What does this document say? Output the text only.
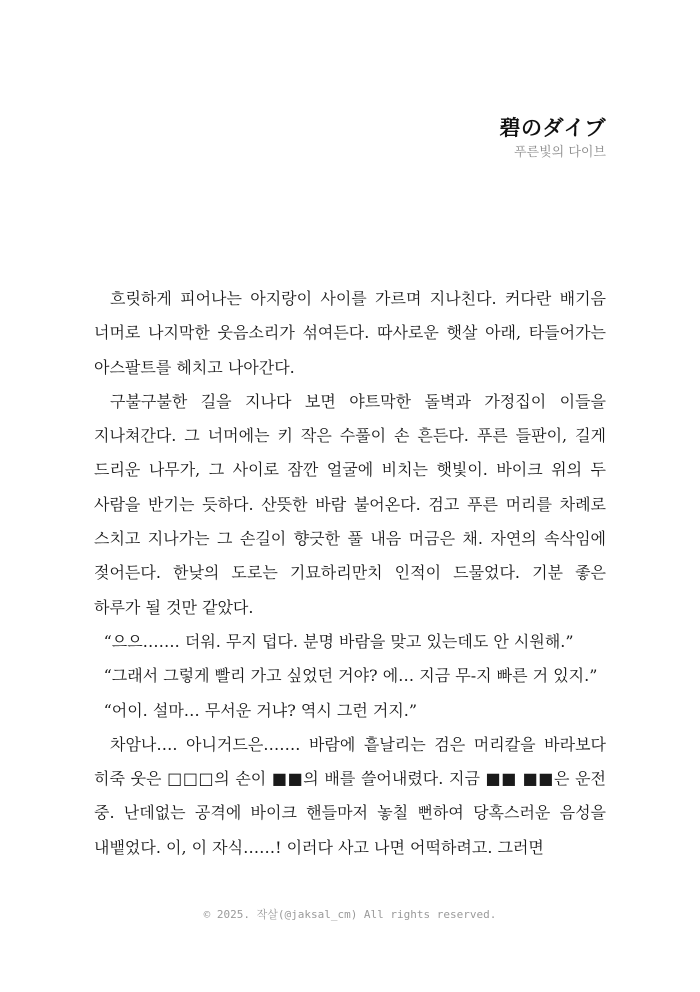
碧のダイブ
푸른빛의 다이브

흐릿하게 피어나는 아지랑이 사이를 가르며 지나친다. 커다란 배기음 너머로 나지막한 웃음소리가 섞여든다. 따사로운 햇살 아래, 타들어가는 아스팔트를 헤치고 나아간다.

구불구불한 길을 지나다 보면 야트막한 돌벽과 가정집이 이들을 지나쳐간다. 그 너머에는 키 작은 수풀이 손 흔든다. 푸른 들판이, 길게 드리운 나무가, 그 사이로 잠깐 얼굴에 비치는 햇빛이. 바이크 위의 두 사람을 반기는 듯하다. 산뜻한 바람 불어온다. 검고 푸른 머리를 차례로 스치고 지나가는 그 손길이 향긋한 풀 내음 머금은 채. 자연의 속삭임에 젖어든다. 한낮의 도로는 기묘하리만치 인적이 드물었다. 기분 좋은 하루가 될 것만 같았다.

“으으……. 더워. 무지 덥다. 분명 바람을 맞고 있는데도 안 시원해.”

“그래서 그렇게 빨리 가고 싶었던 거야? 에… 지금 무-지 빠른 거 있지.”

“어이. 설마… 무서운 거냐? 역시 그런 거지.”

차암나…. 아니거드은……. 바람에 흩날리는 검은 머리칼을 바라보다 히죽 웃은 □□□의 손이 ■■의 배를 쓸어내렸다. 지금 ■■ ■■은 운전 중. 난데없는 공격에 바이크 핸들마저 놓칠 뻔하여 당혹스러운 음성을 내뱉었다. 이, 이 자식……! 이러다 사고 나면 어떡하려고. 그러면

© 2025. 작살(@jaksal_cm) All rights reserved.
